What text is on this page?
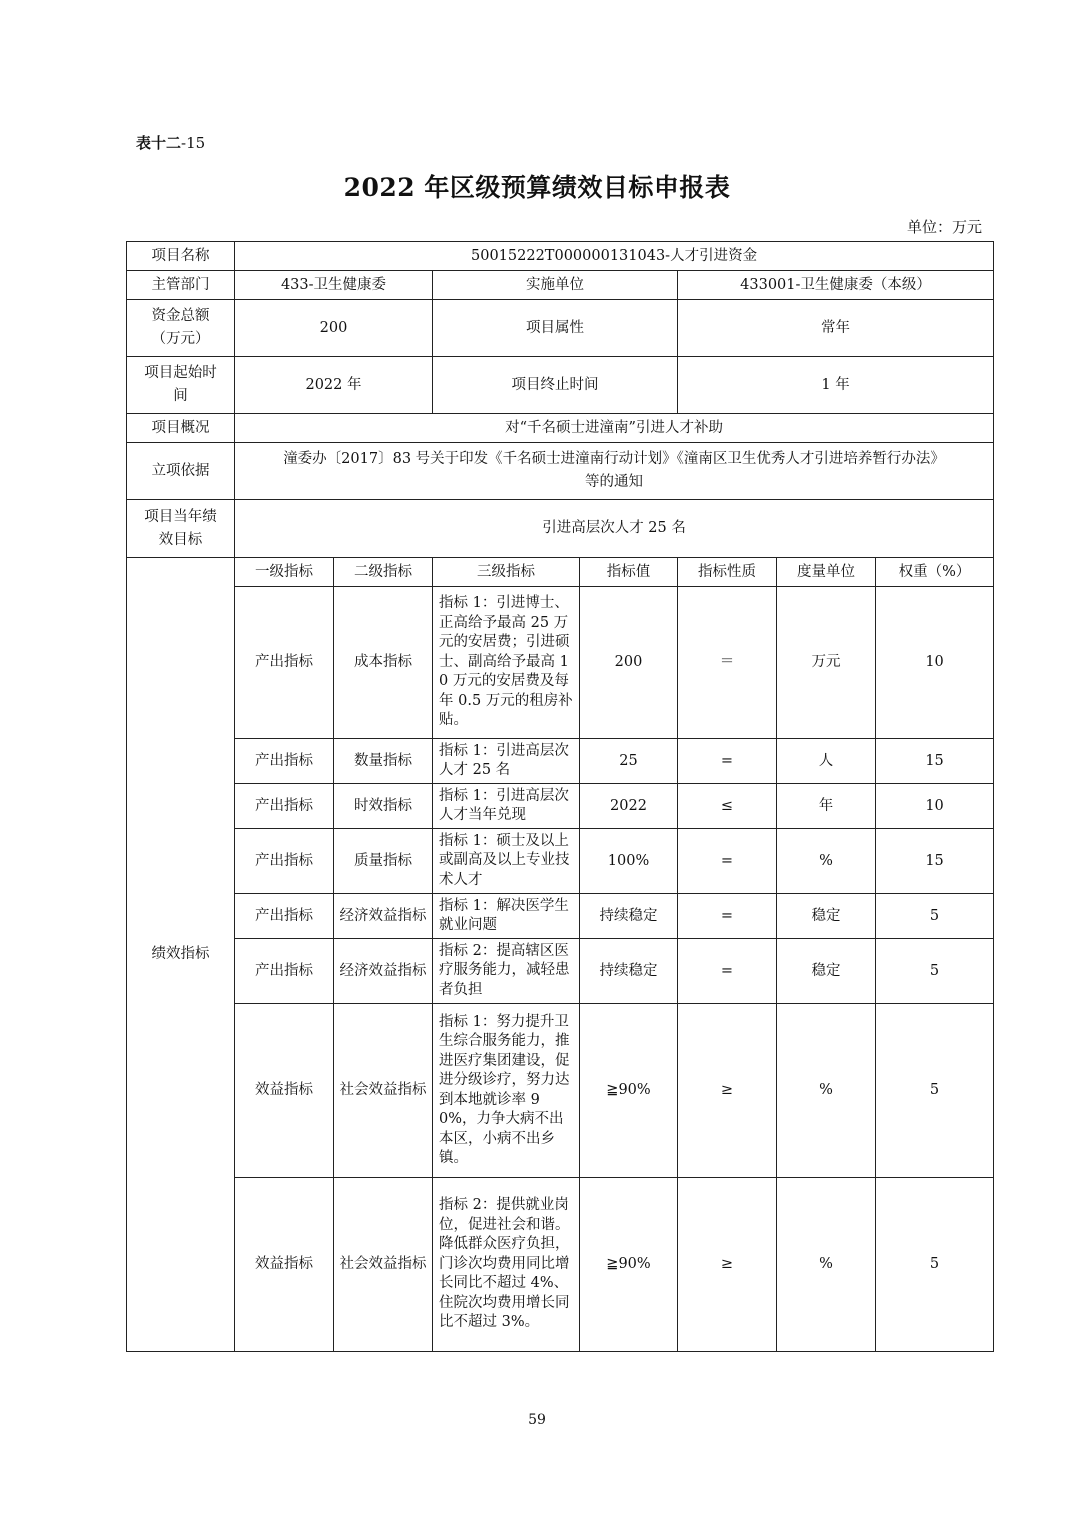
表十二-15
2022 年区级预算绩效目标申报表
单位：万元
项目名称	50015222T000000131043-人才引进资金						
主管部门	433-卫生健康委		实施单位		433001-卫生健康委（本级）		

资金总额
（万元）	200		项目属性		常年		

项目起始时
间	2022 年		项目终止时间		1 年		
项目概况	对“千名硕士进潼南”引进人才补助						
立项依据	潼委办〔2017〕83 号关于印发《千名硕士进潼南行动计划》《潼南区卫生优秀人才引进培养暂行办法》
等的通知						

项目当年绩
效目标	引进高层次人才 25 名						
绩效指标	一级指标	二级指标	三级指标	指标值	指标性质	度量单位	权重（%）
	产出指标	成本指标	指标 1：引进博士、正高给予最高 25 万元的安居费；引进硕士、副高给予最高 10 万元的安居费及每年 0.5 万元的租房补贴。	200	＝	万元	10
	产出指标	数量指标	指标 1：引进高层次人才 25 名	25	=	人	15
	产出指标	时效指标	指标 1：引进高层次人才当年兑现	2022	≤	年	10
	产出指标	质量指标	指标 1：硕士及以上或副高及以上专业技术人才	100%	=	%	15
	产出指标	经济效益指标	指标 1：解决医学生就业问题	持续稳定	=	稳定	5
	产出指标	经济效益指标	指标 2：提高辖区医疗服务能力，减轻患者负担	持续稳定	=	稳定	5
	效益指标	社会效益指标	指标 1：努力提升卫生综合服务能力，推进医疗集团建设，促进分级诊疗，努力达到本地就诊率 90%，力争大病不出本区，小病不出乡镇。	≧90%	≥	%	5
	效益指标	社会效益指标	指标 2：提供就业岗位，促进社会和谐。降低群众医疗负担，门诊次均费用同比增长同比不超过 4%、住院次均费用增长同比不超过 3%。	≧90%	≥	%	5
59
